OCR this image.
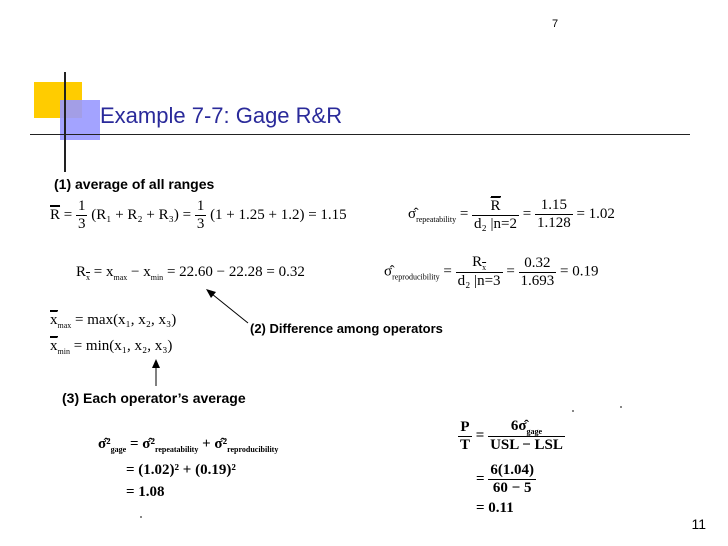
7
Example 7-7: Gage R&R
(1) average of all ranges
$\overline{R} = \frac{1}{3} (R_1 + R_2 + R_3) = \frac{1}{3} (1 + 1.25 + 1.2) = 1.15$	$\sigmâ_{repeatability} = \frac{\overline{R}}{\text{d₂ |n=2}} = \frac{1.15}{1.128} = 1.02$
$R_{\overline{x}} = x_{max} - x_{min} = 22.60 - 22.28 = 0.32$	$\sigmâ_{reproducibility} = \frac{R_{\overline{x}}}{\text{d₂ |n=3}} = \frac{0.32}{1.693} = 0.19$
$\overline{x}_{max} = \max(x_1$, x₂, x₃)
$\overline{x}_{min} = \min(x_1$, x₂, x₃)
(2) Difference among operators
(3) Each operator’s average
$\sigmâ^2_{gage}$ = $\sigmâ^2_{repeatability}$ + $\sigmâ^2_{reproducibility}$
= (1.02)² + (0.19)²
= 1.08
$\frac{P}{T} = \frac{6\sigmâ_{gage}}{\text{USL − LSL}}$
= $\frac{6(1.04)}{60 - 5}$
= 0.11
11
